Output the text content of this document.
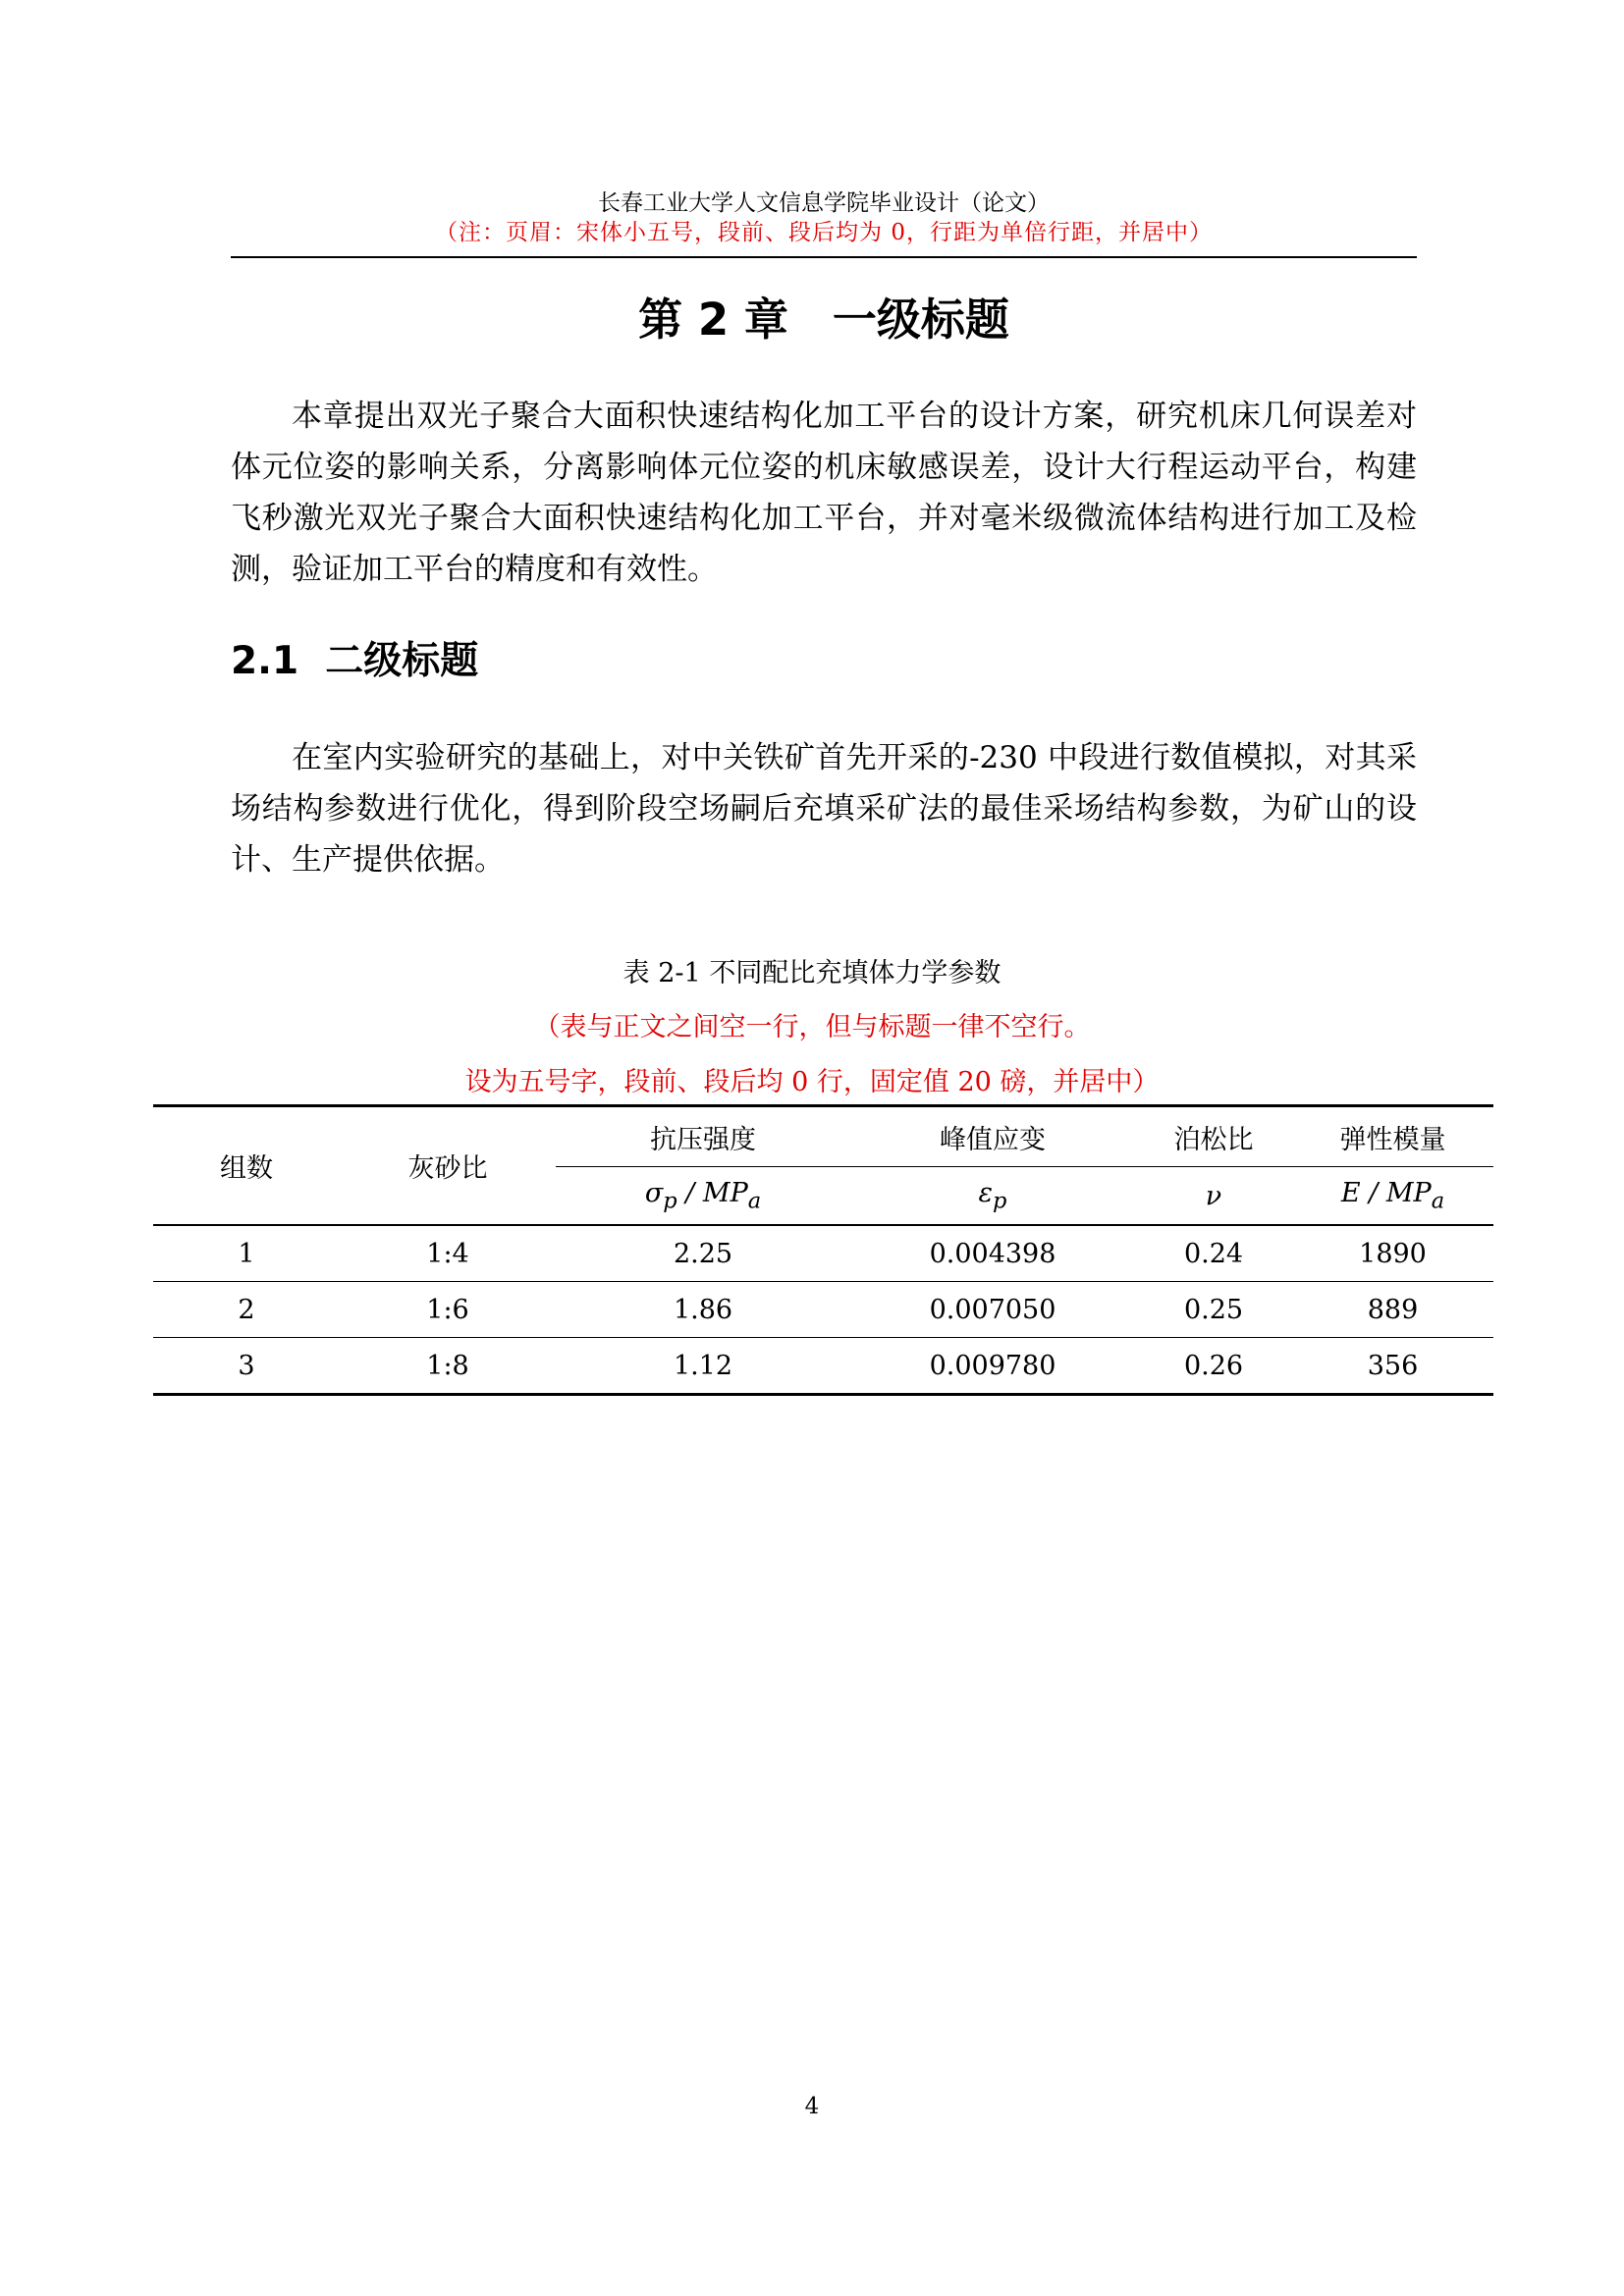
长春工业大学人文信息学院毕业设计（论文）
（注：页眉：宋体小五号，段前、段后均为 0，行距为单倍行距，并居中）
第 2 章　一级标题

本章提出双光子聚合大面积快速结构化加工平台的设计方案，研究机床几何误差对体元位姿的影响关系，分离影响体元位姿的机床敏感误差，设计大行程运动平台，构建飞秒激光双光子聚合大面积快速结构化加工平台，并对毫米级微流体结构进行加工及检测，验证加工平台的精度和有效性。

2.1  二级标题

在室内实验研究的基础上，对中关铁矿首先开采的-230 中段进行数值模拟，对其采场结构参数进行优化，得到阶段空场嗣后充填采矿法的最佳采场结构参数，为矿山的设计、生产提供依据。

表 2-1 不同配比充填体力学参数
（表与正文之间空一行，但与标题一律不空行。
设为五号字，段前、段后均 0 行，固定值 20 磅，并居中）
组数	灰砂比	抗压强度	峰值应变	泊松比	弹性模量
		$\sigma_p / MP_a$	$\varepsilon_p$	ν	E / $MP_a$
1	1:4	2.25	0.004398	0.24	1890
2	1:6	1.86	0.007050	0.25	889
3	1:8	1.12	0.009780	0.26	356
4
